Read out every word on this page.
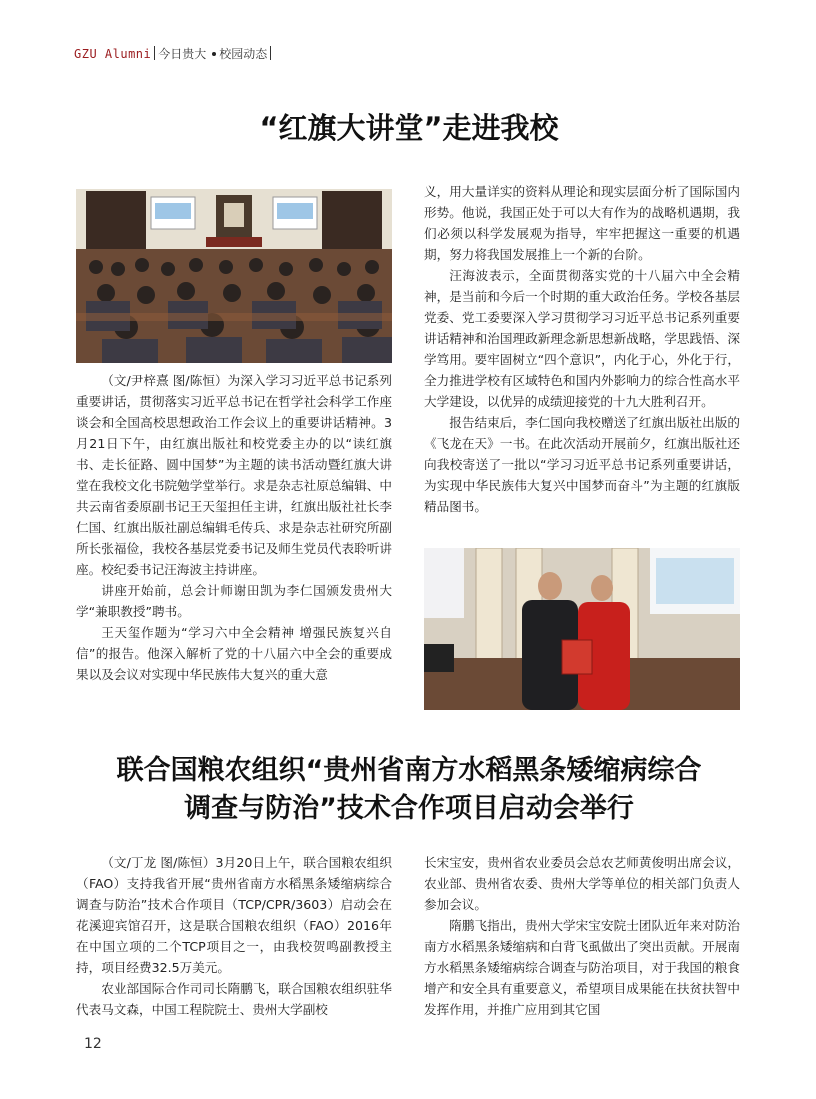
GZU Alumni 今日贵大 校园动态
“红旗大讲堂”走进我校

（文/尹梓熹 图/陈恒）为深入学习习近平总书记系列重要讲话，贯彻落实习近平总书记在哲学社会科学工作座谈会和全国高校思想政治工作会议上的重要讲话精神。3月21日下午，由红旗出版社和校党委主办的以“读红旗书、走长征路、圆中国梦”为主题的读书活动暨红旗大讲堂在我校文化书院勉学堂举行。求是杂志社原总编辑、中共云南省委原副书记王天玺担任主讲，红旗出版社社长李仁国、红旗出版社副总编辑毛传兵、求是杂志社研究所副所长张福俭，我校各基层党委书记及师生党员代表聆听讲座。校纪委书记汪海波主持讲座。

讲座开始前，总会计师谢田凯为李仁国颁发贵州大学“兼职教授”聘书。

王天玺作题为“学习六中全会精神 增强民族复兴自信”的报告。他深入解析了党的十八届六中全会的重要成果以及会议对实现中华民族伟大复兴的重大意

义，用大量详实的资料从理论和现实层面分析了国际国内形势。他说，我国正处于可以大有作为的战略机遇期，我们必须以科学发展观为指导，牢牢把握这一重要的机遇期，努力将我国发展推上一个新的台阶。

汪海波表示，全面贯彻落实党的十八届六中全会精神，是当前和今后一个时期的重大政治任务。学校各基层党委、党工委要深入学习贯彻学习习近平总书记系列重要讲话精神和治国理政新理念新思想新战略，学思践悟、深学笃用。要牢固树立“四个意识”，内化于心，外化于行，全力推进学校有区域特色和国内外影响力的综合性高水平大学建设，以优异的成绩迎接党的十九大胜利召开。

报告结束后，李仁国向我校赠送了红旗出版社出版的《飞龙在天》一书。在此次活动开展前夕，红旗出版社还向我校寄送了一批以“学习习近平总书记系列重要讲话，为实现中华民族伟大复兴中国梦而奋斗”为主题的红旗版精品图书。

联合国粮农组织“贵州省南方水稻黑条矮缩病综合
调查与防治”技术合作项目启动会举行

（文/丁龙 图/陈恒）3月20日上午，联合国粮农组织（FAO）支持我省开展“贵州省南方水稻黑条矮缩病综合调查与防治”技术合作项目（TCP/CPR/3603）启动会在花溪迎宾馆召开，这是联合国粮农组织（FAO）2016年在中国立项的二个TCP项目之一，由我校贺鸣副教授主持，项目经费32.5万美元。

农业部国际合作司司长隋鹏飞，联合国粮农组织驻华代表马文森，中国工程院院士、贵州大学副校

长宋宝安，贵州省农业委员会总农艺师黄俊明出席会议，农业部、贵州省农委、贵州大学等单位的相关部门负责人参加会议。

隋鹏飞指出，贵州大学宋宝安院士团队近年来对防治南方水稻黑条矮缩病和白背飞虱做出了突出贡献。开展南方水稻黑条矮缩病综合调查与防治项目，对于我国的粮食增产和安全具有重要意义，希望项目成果能在扶贫扶智中发挥作用，并推广应用到其它国

12
